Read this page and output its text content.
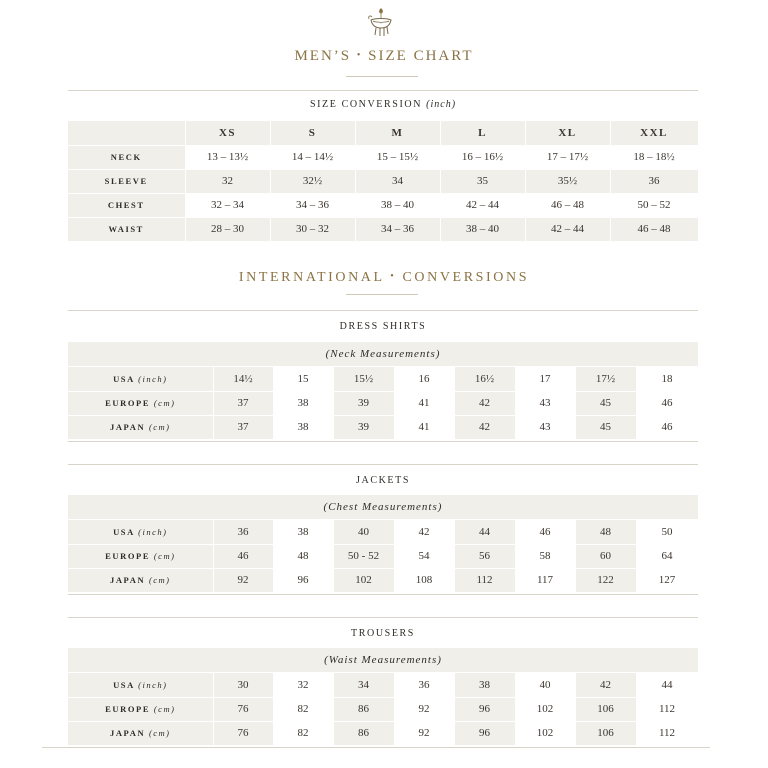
MEN’S • SIZE CHART
SIZE CONVERSION (inch)
	XS	S	M	L	XL	XXL
NECK	13 – 13½	14 – 14½	15 – 15½	16 – 16½	17 – 17½	18 – 18½
SLEEVE	32	32½	34	35	35½	36
CHEST	32 – 34	34 – 36	38 – 40	42 – 44	46 – 48	50 – 52
WAIST	28 – 30	30 – 32	34 – 36	38 – 40	42 – 44	46 – 48
INTERNATIONAL • CONVERSIONS
DRESS SHIRTS
(Neck Measurements)
USA (inch)	14½	15	15½	16	16½	17	17½	18
EUROPE (cm)	37	38	39	41	42	43	45	46
JAPAN (cm)	37	38	39	41	42	43	45	46
JACKETS
(Chest Measurements)
USA (inch)	36	38	40	42	44	46	48	50
EUROPE (cm)	46	48	50 - 52	54	56	58	60	64
JAPAN (cm)	92	96	102	108	112	117	122	127
TROUSERS
(Waist Measurements)
USA (inch)	30	32	34	36	38	40	42	44
EUROPE (cm)	76	82	86	92	96	102	106	112
JAPAN (cm)	76	82	86	92	96	102	106	112
